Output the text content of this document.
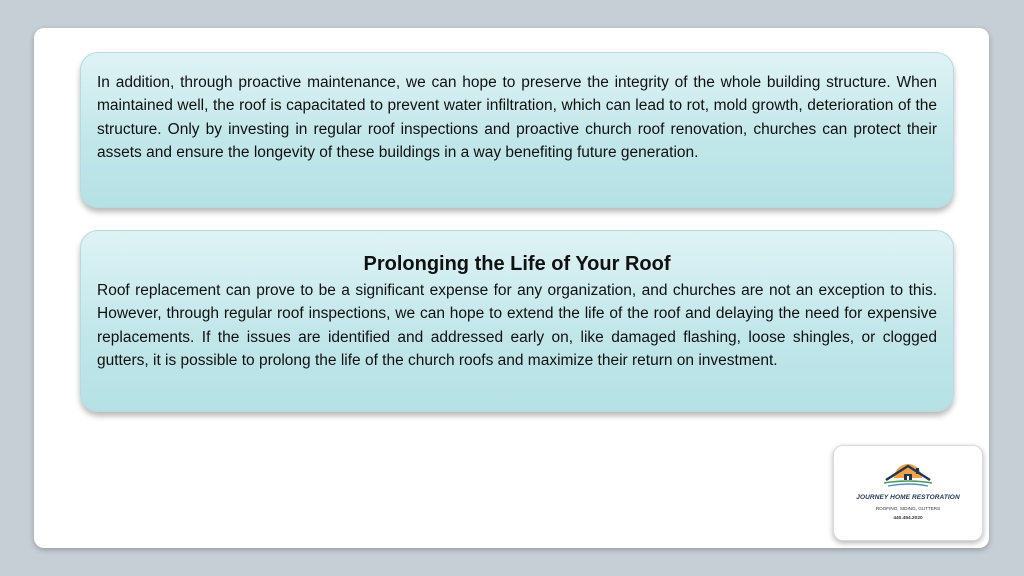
In addition, through proactive maintenance, we can hope to preserve the integrity of the whole building structure. When maintained well, the roof is capacitated to prevent water infiltration, which can lead to rot, mold growth, deterioration of the structure. Only by investing in regular roof inspections and proactive church roof renovation, churches can protect their assets and ensure the longevity of these buildings in a way benefiting future generation.

Prolonging the Life of Your Roof

Roof replacement can prove to be a significant expense for any organization, and churches are not an exception to this. However, through regular roof inspections, we can hope to extend the life of the roof and delaying the need for expensive replacements. If the issues are identified and addressed early on, like damaged flashing, loose shingles, or clogged gutters, it is possible to prolong the life of the church roofs and maximize their return on investment.

JOURNEY HOME RESTORATION
ROOFING, SIDING, GUTTERS
440.454.2020
